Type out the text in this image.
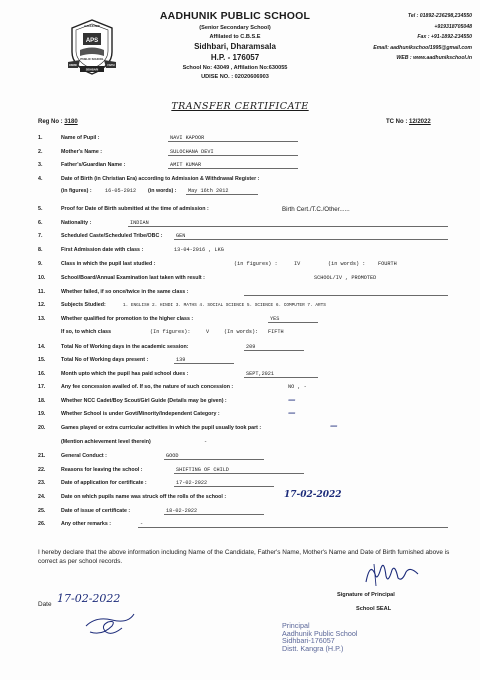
APS
AADHUNIK
PUBLIC SCHOOL
KNOW	FAITH
SIDHBARI
AADHUNIK PUBLIC SCHOOL
(Senior Secondary School)
Affilated to C.B.S.E
Sidhbari, Dharamsala
H.P. - 176057
School No: 43049 , Affilation No:630055
UDISE NO. : 02020606903
Tel : 01892-236298,234550
+919318705048
Fax : +91-1892-234550
Email: aadhunikschool1995@gmail.com
WEB : www.aadhunikschool.in
TRANSFER CERTIFICATE
Reg No : 3180	TC No : 12/2022
1.	Name of Pupil :	NAVI KAPOOR
2.	Mother's Name :	SULOCHANA DEVI
3.	Father's/Guardian Name :	AMIT KUMAR
4.	Date of Birth (in Christian Era) according to Admission & Withdrawal Register :
(in figures) :	16-05-2012	(in words) :	May 16th 2012
5.	Proof for Date of Birth submitted at the time of admission :	Birth Cert./T.C./Other......
6.	Nationality :	INDIAN
7.	Scheduled Caste/Scheduled Tribe/OBC :	GEN
8.	First Admission date with class :	13-04-2016 , LKG
9.	Class in which the pupil last studied :	(in figures) :	IV	(in words) : FOURTH
10.	School/Board/Annual Examination last taken with result :	SCHOOL/IV , PROMOTED
11.	Whether failed, if so once/twice in the same class :
12.	Subjects Studied:	1. ENGLISH 2. HINDI 3. MATHS 4. SOCIAL SCIENCE 5. SCIENCE 6. COMPUTER 7. ARTS
13.	Whether qualified for promotion to the higher class :	YES
If so, to which class	(In figures):	V	(In words): FIFTH
14.	Total No of Working days in the academic session:	209
15.	Total No of Working days present :	139
16.	Month upto which the pupil has paid school dues :	SEPT,2021
17.	Any fee concession availed of. If so, the nature of such concession :	NO , -
18.	Whether NCC Cadet/Boy Scout/Girl Guide (Details may be given) :	—
19.	Whether School is under Govt/Minority/Independent Category :	—
20.	Games played or extra curricular activities in which the pupil usually took part :	—
(Mention achievement level therein)	-
21.	General Conduct :	GOOD
22.	Reasons for leaving the school :	SHIFTING OF CHILD
23.	Date of application for certificate :	17-02-2022
24.	Date on which pupils name was struck off the rolls of the school :	17-02-2022
25.	Date of issue of certificate :	18-02-2022
26.	Any other remarks :	-
I hereby declare that the above information including Name of the Candidate, Father's Name, Mother's Name and Date of Birth furnished above is correct as per school records.
Date 17-02-2022	Signature of Principal
School SEAL
Principal
Aadhunik Public School
Sidhbari-176057
Distt. Kangra (H.P.)
